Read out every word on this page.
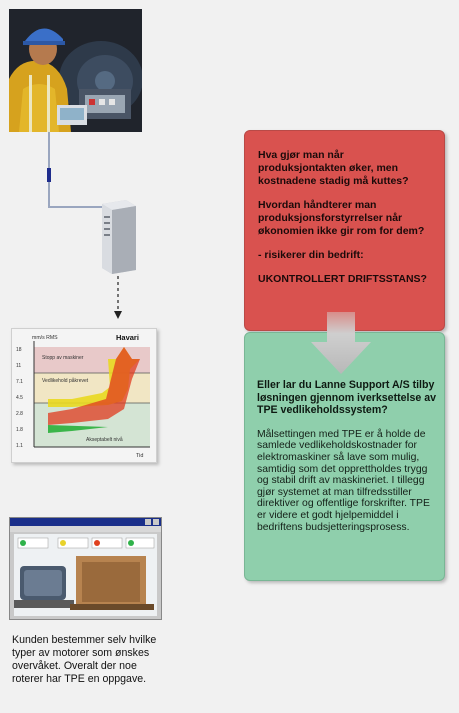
mm/s RMS	Havari
18
11
7.1
4.5
2.8
1.8
1.1
Stopp av maskiner
Vedlikehold påkrevet
Akseptabelt nivå
Tid

Kunden bestemmer selv hvilke typer av motorer som ønskes overvåket. Overalt der noe roterer har TPE en oppgave.

Hva gjør man når produksjontakten øker, men kostnadene stadig må kuttes?

Hvordan håndterer man produksjonsforstyrrelser når økonomien ikke gir rom for dem?

- risikerer din bedrift:

UKONTROLLERT DRIFTSSTANS?

Eller lar du Lanne Support A/S tilby løsningen gjennom iverksettelse av TPE vedlikeholdssystem?

Målsettingen med TPE er å holde de samlede vedlikeholdskostnader for elektromaskiner så lave som mulig, samtidig som det opprettholdes trygg og stabil drift av maskineriet. I tillegg gjør systemet at man tilfredsstiller direktiver og offentlige forskrifter. TPE er videre et godt hjelpemiddel i bedriftens budsjetteringsprosess.
